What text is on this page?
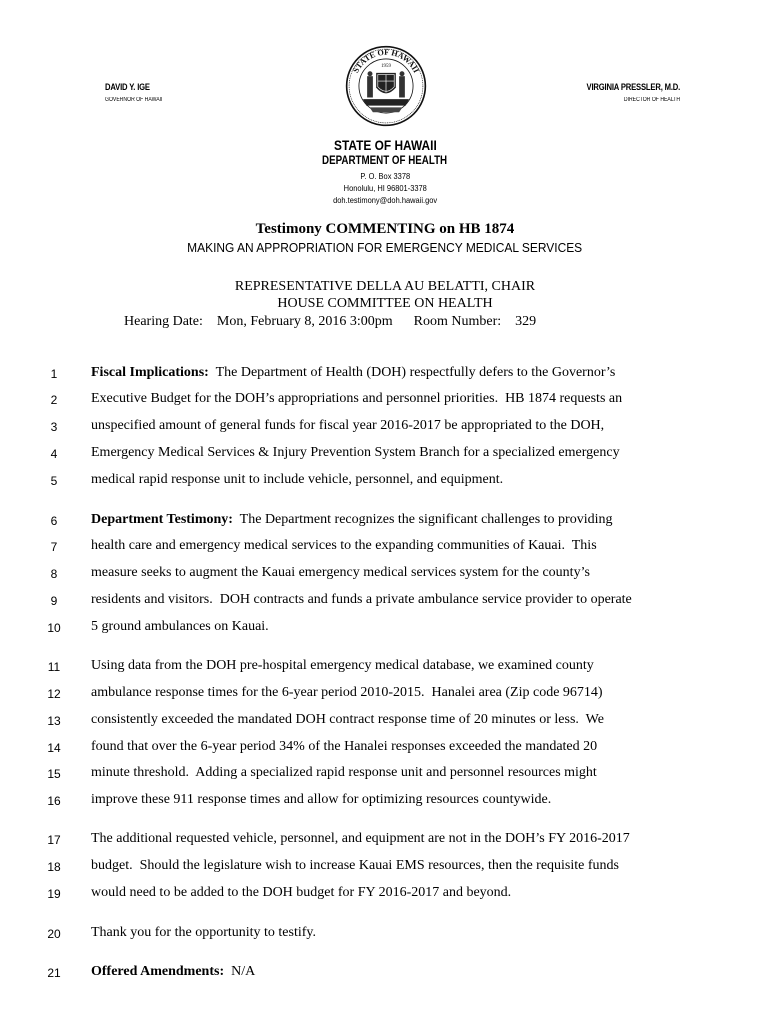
DAVID Y. IGE
GOVERNOR OF HAWAII
VIRGINIA PRESSLER, M.D.
DIRECTOR OF HEALTH
STATE OF HAWAII
1959
STATE OF HAWAII
DEPARTMENT OF HEALTH
P. O. Box 3378
Honolulu, HI 96801-3378
doh.testimony@doh.hawaii.gov
Testimony COMMENTING on HB 1874
MAKING AN APPROPRIATION FOR EMERGENCY MEDICAL SERVICES
REPRESENTATIVE DELLA AU BELATTI, CHAIR
HOUSE COMMITTEE ON HEALTH
Hearing Date:    Mon, February 8, 2016 3:00pm      Room Number:    329
1	Fiscal Implications:  The Department of Health (DOH) respectfully defers to the Governor’s
2	Executive Budget for the DOH’s appropriations and personnel priorities.  HB 1874 requests an
3	unspecified amount of general funds for fiscal year 2016-2017 be appropriated to the DOH,
4	Emergency Medical Services & Injury Prevention System Branch for a specialized emergency
5	medical rapid response unit to include vehicle, personnel, and equipment.
6	Department Testimony:  The Department recognizes the significant challenges to providing
7	health care and emergency medical services to the expanding communities of Kauai.  This
8	measure seeks to augment the Kauai emergency medical services system for the county’s
9	residents and visitors.  DOH contracts and funds a private ambulance service provider to operate
10	5 ground ambulances on Kauai.
11	Using data from the DOH pre-hospital emergency medical database, we examined county
12	ambulance response times for the 6-year period 2010-2015.  Hanalei area (Zip code 96714)
13	consistently exceeded the mandated DOH contract response time of 20 minutes or less.  We
14	found that over the 6-year period 34% of the Hanalei responses exceeded the mandated 20
15	minute threshold.  Adding a specialized rapid response unit and personnel resources might
16	improve these 911 response times and allow for optimizing resources countywide.
17	The additional requested vehicle, personnel, and equipment are not in the DOH’s FY 2016-2017
18	budget.  Should the legislature wish to increase Kauai EMS resources, then the requisite funds
19	would need to be added to the DOH budget for FY 2016-2017 and beyond.
20	Thank you for the opportunity to testify.
21	Offered Amendments:  N/A
